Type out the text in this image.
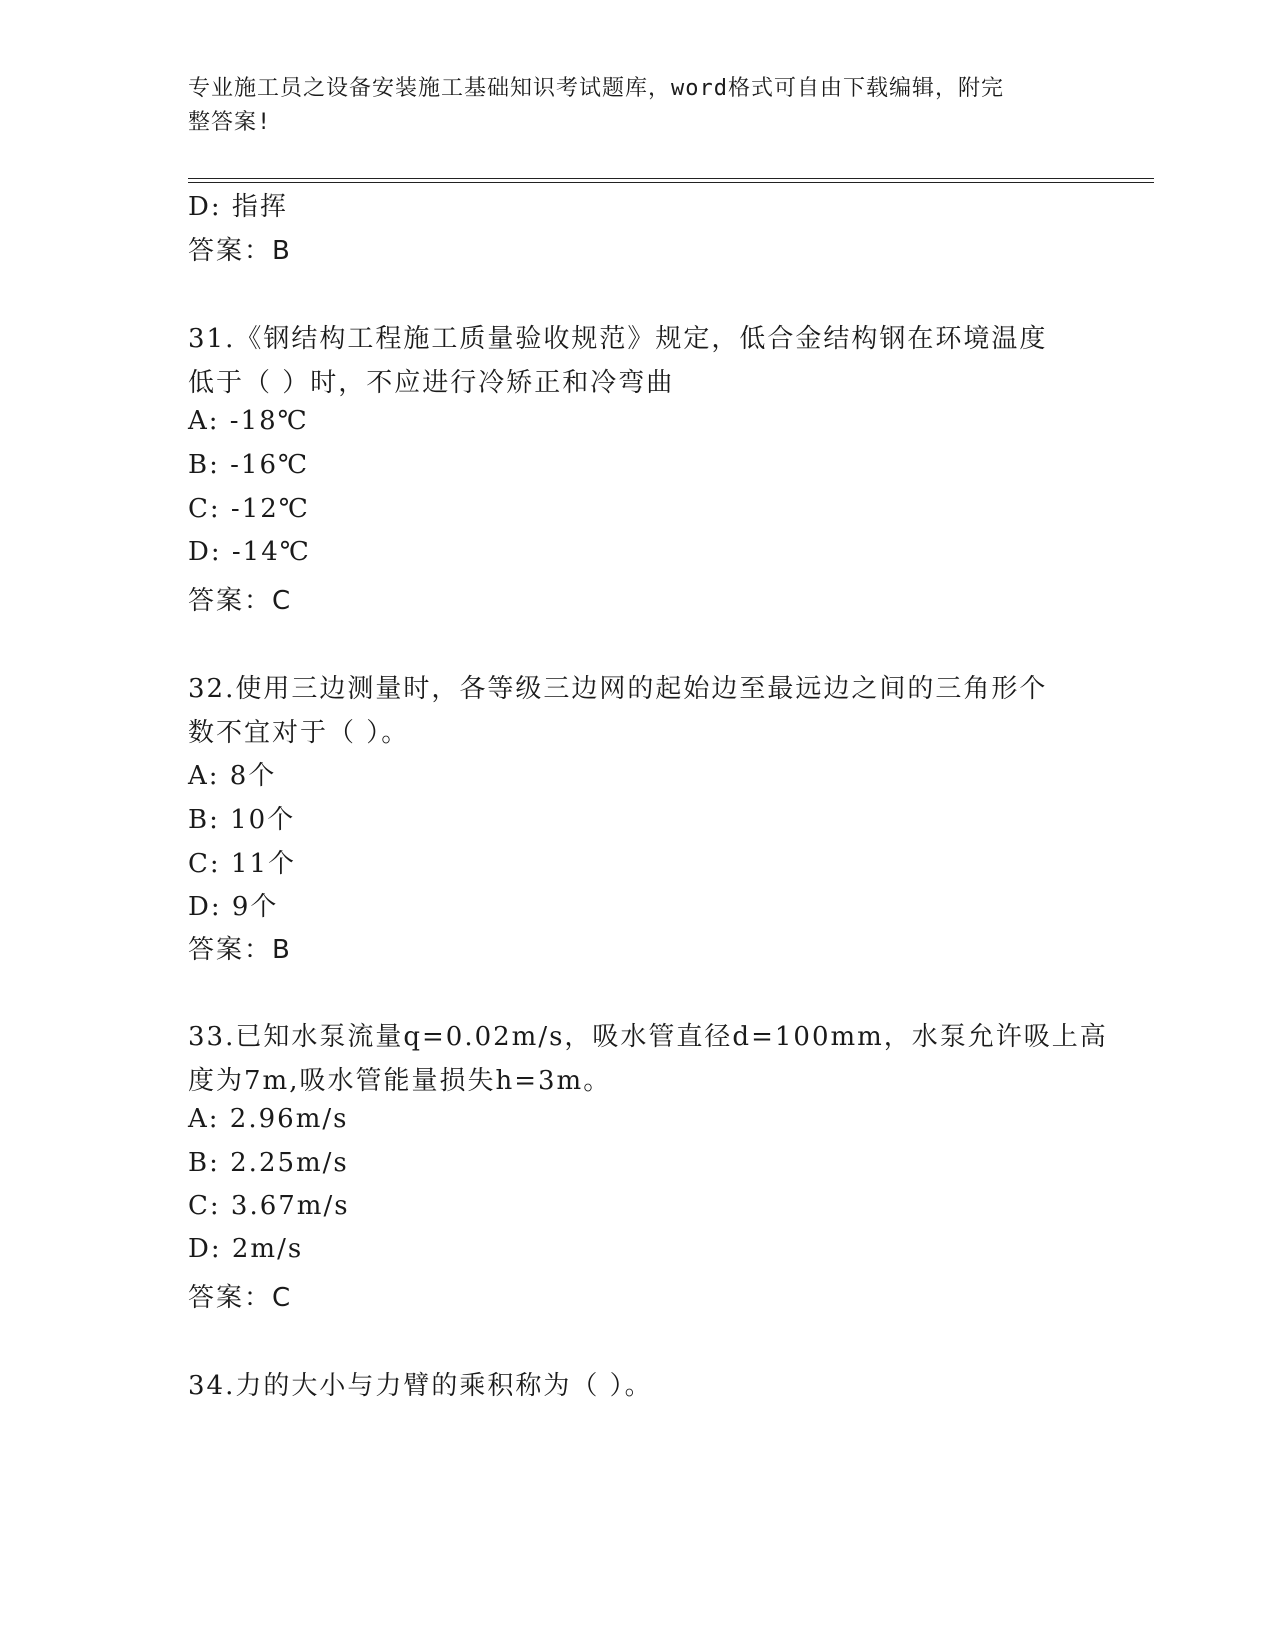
专业施工员之设备安装施工基础知识考试题库，word格式可自由下载编辑，附完
整答案!
D: 指挥
答案：B
31.《钢结构工程施工质量验收规范》规定，低合金结构钢在环境温度
低于（ ）时，不应进行冷矫正和冷弯曲
A: -18℃
B: -16℃
C: -12℃
D: -14℃
答案：C
32.使用三边测量时，各等级三边网的起始边至最远边之间的三角形个
数不宜对于（ ）。
A: 8个
B: 10个
C: 11个
D: 9个
答案：B
33.已知水泵流量q=0.02m/s，吸水管直径d=100mm，水泵允许吸上高
度为7m,吸水管能量损失h=3m。
A: 2.96m/s
B: 2.25m/s
C: 3.67m/s
D: 2m/s
答案：C
34.力的大小与力臂的乘积称为（ ）。
